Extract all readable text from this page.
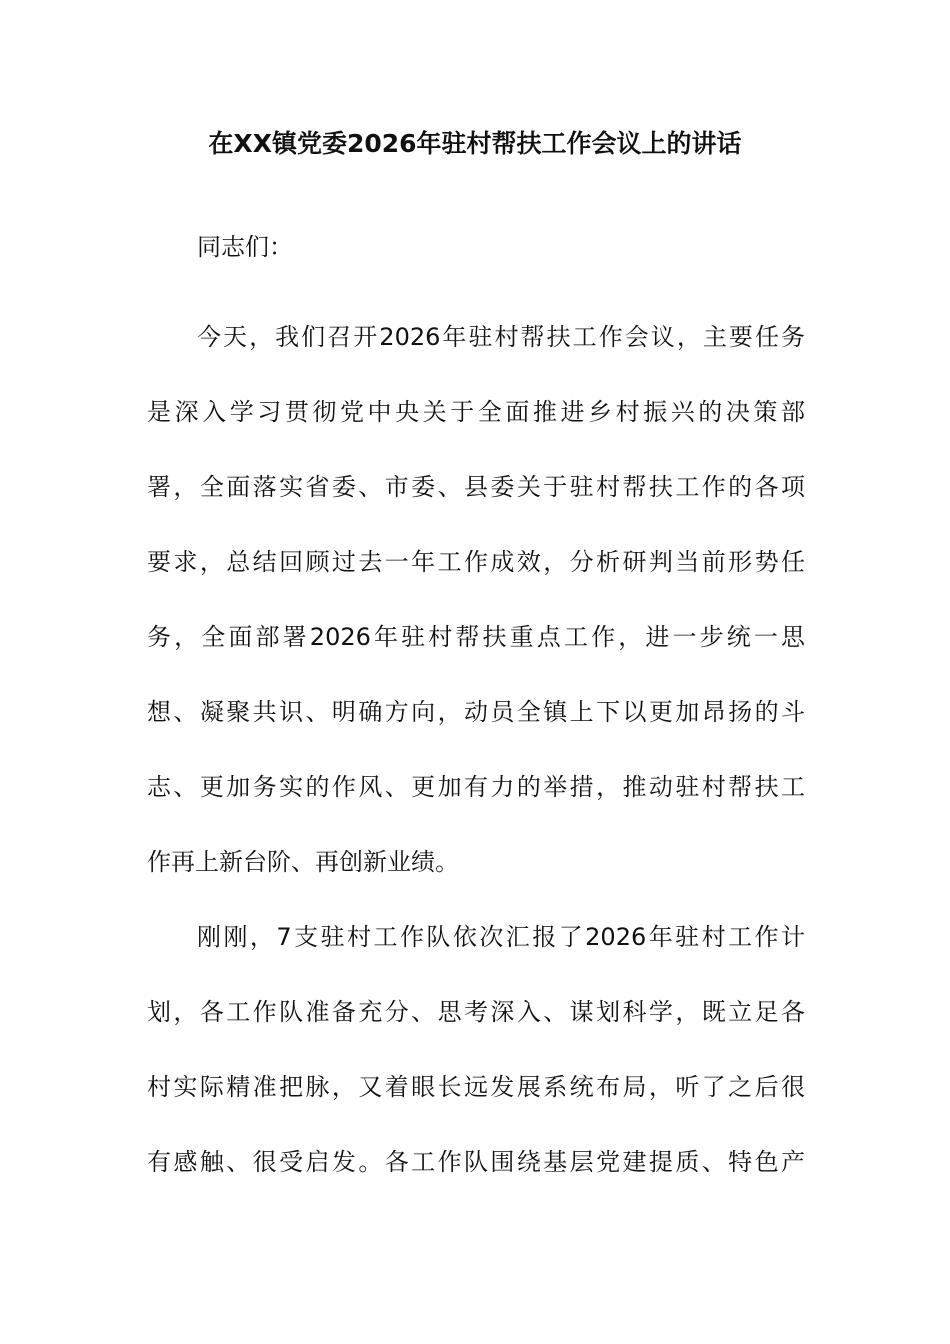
在XX镇党委2026年驻村帮扶工作会议上的讲话
同志们：
今天，我们召开2026年驻村帮扶工作会议，主要任务
是深入学习贯彻党中央关于全面推进乡村振兴的决策部
署，全面落实省委、市委、县委关于驻村帮扶工作的各项
要求，总结回顾过去一年工作成效，分析研判当前形势任
务，全面部署2026年驻村帮扶重点工作，进一步统一思
想、凝聚共识、明确方向，动员全镇上下以更加昂扬的斗
志、更加务实的作风、更加有力的举措，推动驻村帮扶工
作再上新台阶、再创新业绩。
刚刚，7支驻村工作队依次汇报了2026年驻村工作计
划，各工作队准备充分、思考深入、谋划科学，既立足各
村实际精准把脉，又着眼长远发展系统布局，听了之后很
有感触、很受启发。各工作队围绕基层党建提质、特色产
